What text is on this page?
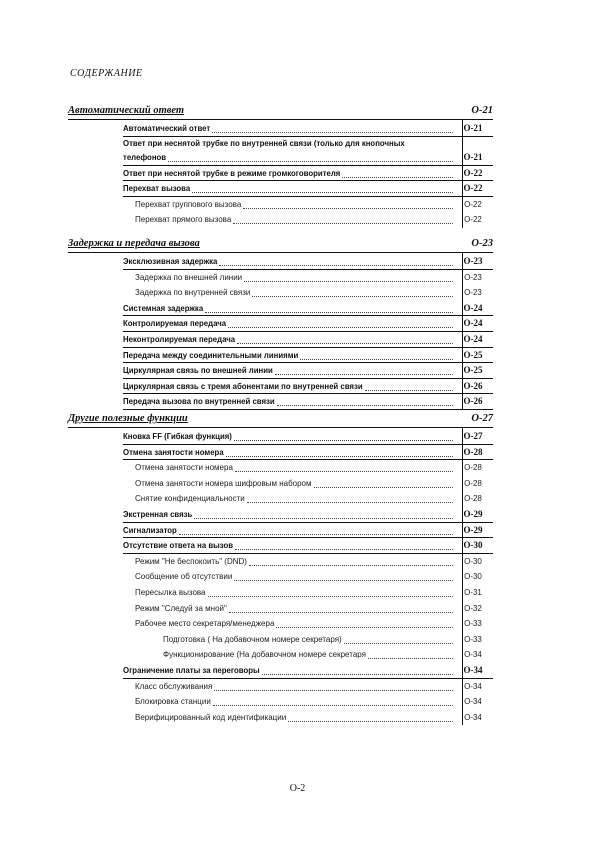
СОДЕРЖАНИЕ
Автоматический ответ	O-21
Автоматический ответ	O-21
Ответ при неснятой трубке по внутренней связи (только для кнопочных
телефонов	O-21
Ответ при неснятой трубке в режиме громкоговорителя	O-22
Перехват вызова	O-22
Перехват группового вызова	O-22
Перехват прямого вызова	O-22
Задержка и передача вызова	O-23
Эксклюзивная задержка	O-23
Задержка по внешней линии	O-23
Задержка по внутренней связи	O-23
Системная задержка	O-24
Контролируемая передача	O-24
Неконтролируемая передача	O-24
Передача между соединительными линиями	O-25
Циркулярная связь по внешней линии	O-25
Циркулярная связь с тремя абонентами по внутренней связи	O-26
Передача вызова по внутренней связи	O-26
Другие полезные функции	O-27
Кновка FF (Гибкая функция)	O-27
Отмена занятости номера	O-28
Отмена занятости номера	O-28
Отмена занятости номера шифровым набором	O-28
Снятие конфиденциальности	O-28
Экстренная связь	O-29
Сигнализатор	O-29
Отсутствие ответа на вызов	O-30
Режим "Не беспокоить" (DND)	O-30
Сообщение об отсутствии	O-30
Пересылка вызова	O-31
Режим "Следуй за мной"	O-32
Рабочее место секретаря/менеджера	O-33
Подготовка ( На добавочном номере секретаря)	O-33
Функционирование (На добавочном номере секретаря	O-34
Ограничение платы за переговоры	O-34
Класс обслуживания	O-34
Блокировка станции	O-34
Верифицированный код идентификации	O-34
O-2
